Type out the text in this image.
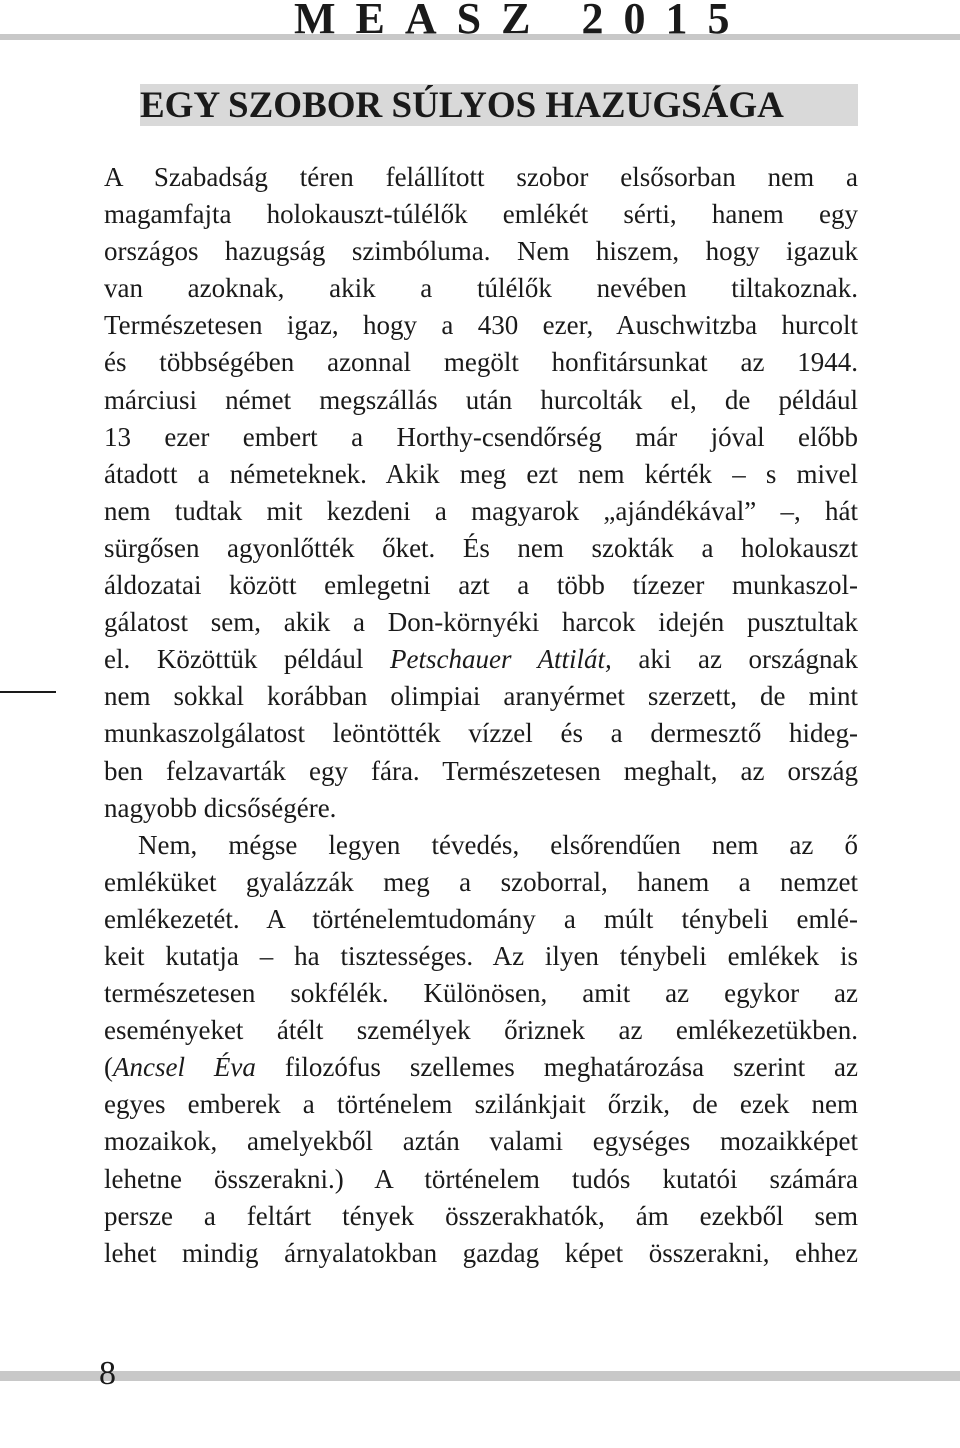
MEASZ 2015
EGY SZOBOR SÚLYOS HAZUGSÁGA
A Szabadság téren felállított szobor elsősorban nem a
magamfajta holokauszt-túlélők emlékét sérti, hanem egy
országos hazugság szimbóluma. Nem hiszem, hogy igazuk
van azoknak, akik a túlélők nevében tiltakoznak.
Természetesen igaz, hogy a 430 ezer, Auschwitzba hurcolt
és többségében azonnal megölt honfitársunkat az 1944.
márciusi német megszállás után hurcolták el, de például
13 ezer embert a Horthy-csendőrség már jóval előbb
átadott a németeknek. Akik meg ezt nem kérték – s mivel
nem tudtak mit kezdeni a magyarok „ajándékával” –, hát
sürgősen agyonlőtték őket. És nem szokták a holokauszt
áldozatai között emlegetni azt a több tízezer munkaszol-
gálatost sem, akik a Don-környéki harcok idején pusztultak
el. Közöttük például Petschauer Attilát, aki az országnak
nem sokkal korábban olimpiai aranyérmet szerzett, de mint
munkaszolgálatost leöntötték vízzel és a dermesztő hideg-
ben felzavarták egy fára. Természetesen meghalt, az ország
nagyobb dicsőségére.
Nem, mégse legyen tévedés, elsőrendűen nem az ő
emléküket gyalázzák meg a szoborral, hanem a nemzet
emlékezetét. A történelemtudomány a múlt ténybeli emlé-
keit kutatja – ha tisztességes. Az ilyen ténybeli emlékek is
természetesen sokfélék. Különösen, amit az egykor az
eseményeket átélt személyek őriznek az emlékezetükben.
(Ancsel Éva filozófus szellemes meghatározása szerint az
egyes emberek a történelem szilánkjait őrzik, de ezek nem
mozaikok, amelyekből aztán valami egységes mozaikképet
lehetne összerakni.) A történelem tudós kutatói számára
persze a feltárt tények összerakhatók, ám ezekből sem
lehet mindig árnyalatokban gazdag képet összerakni, ehhez
8
